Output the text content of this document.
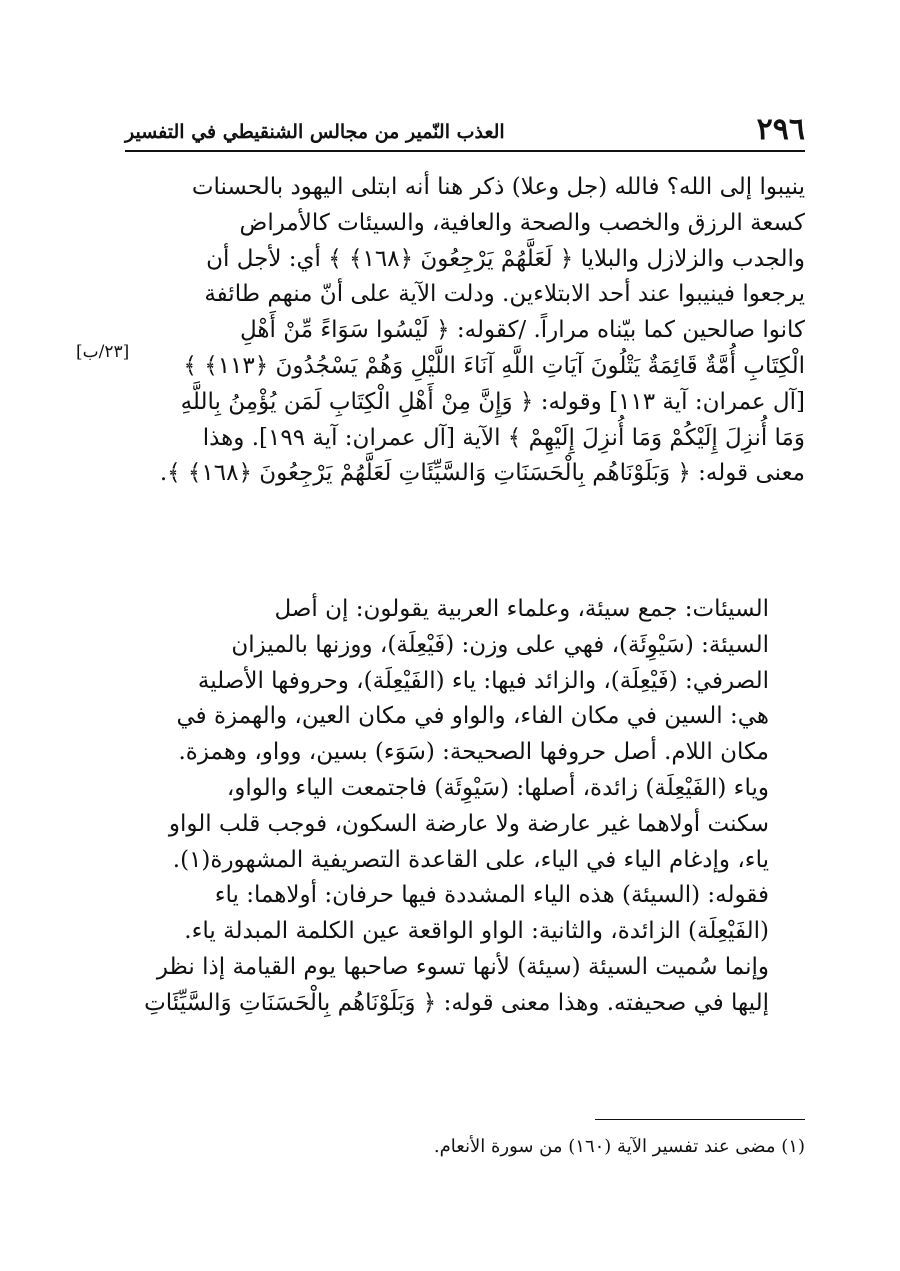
٢٩٦
العذب النّمير من مجالس الشنقيطي في التفسير
[٢٣/ب]

ينيبوا إلى الله؟ فالله (جل وعلا) ذكر هنا أنه ابتلى اليهود بالحسنات
كسعة الرزق والخصب والصحة والعافية، والسيئات كالأمراض
والجدب والزلازل والبلايا ﴿ لَعَلَّهُمْ يَرْجِعُونَ ﴿١٦٨﴾ ﴾ أي: لأجل أن
يرجعوا فينيبوا عند أحد الابتلاءين. ودلت الآية على أنّ منهم طائفة
كانوا صالحين كما بيّناه مراراً. /كقوله: ﴿ لَيْسُوا سَوَاءً مِّنْ أَهْلِ
الْكِتَابِ أُمَّةٌ قَائِمَةٌ يَتْلُونَ آيَاتِ اللَّهِ آنَاءَ اللَّيْلِ وَهُمْ يَسْجُدُونَ ﴿١١٣﴾ ﴾
[آل عمران: آية ١١٣] وقوله: ﴿ وَإِنَّ مِنْ أَهْلِ الْكِتَابِ لَمَن يُؤْمِنُ بِاللَّهِ
وَمَا أُنزِلَ إِلَيْكُمْ وَمَا أُنزِلَ إِلَيْهِمْ ﴾ الآية [آل عمران: آية ١٩٩]. وهذا
معنى قوله: ﴿ وَبَلَوْنَاهُم بِالْحَسَنَاتِ وَالسَّيِّئَاتِ لَعَلَّهُمْ يَرْجِعُونَ ﴿١٦٨﴾ ﴾.

السيئات: جمع سيئة، وعلماء العربية يقولون: إن أصل
السيئة: (سَيْوِئَة)، فهي على وزن: (فَيْعِلَة)، ووزنها بالميزان
الصرفي: (فَيْعِلَة)، والزائد فيها: ياء (الفَيْعِلَة)، وحروفها الأصلية
هي: السين في مكان الفاء، والواو في مكان العين، والهمزة في
مكان اللام. أصل حروفها الصحيحة: (سَوَء) بسين، وواو، وهمزة.
وياء (الفَيْعِلَة) زائدة، أصلها: (سَيْوِئَة) فاجتمعت الياء والواو،
سكنت أولاهما غير عارضة ولا عارضة السكون، فوجب قلب الواو
ياء، وإدغام الياء في الياء، على القاعدة التصريفية المشهورة(١).
فقوله: (السيئة) هذه الياء المشددة فيها حرفان: أولاهما: ياء
(الفَيْعِلَة) الزائدة، والثانية: الواو الواقعة عين الكلمة المبدلة ياء.
وإنما سُميت السيئة (سيئة) لأنها تسوء صاحبها يوم القيامة إذا نظر
إليها في صحيفته. وهذا معنى قوله: ﴿ وَبَلَوْنَاهُم بِالْحَسَنَاتِ وَالسَّيِّئَاتِ

(١) مضى عند تفسير الآية (١٦٠) من سورة الأنعام.
